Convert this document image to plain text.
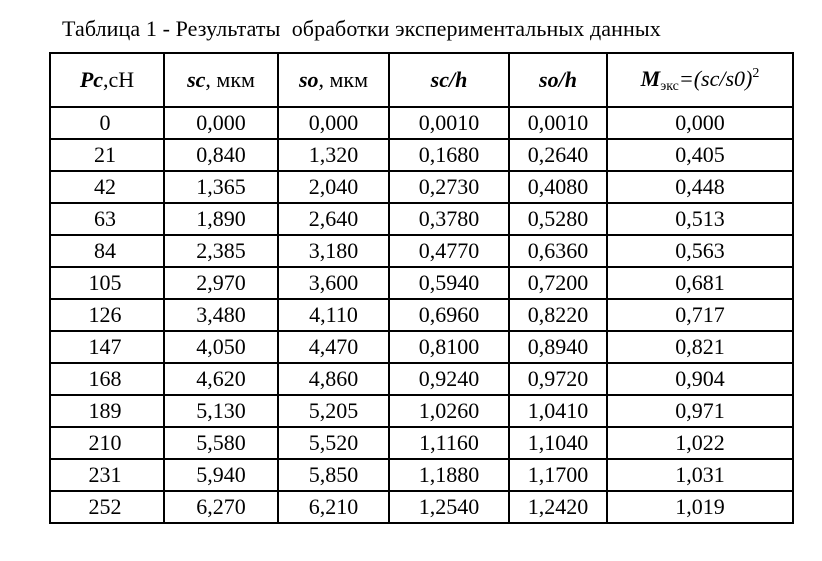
Таблица 1 - Результаты  обработки экспериментальных данных
Pc,сН	sc, мкм	so, мкм	sc/h	so/h	$M_{экс}=(sc/s0)^2$
0	0,000	0,000	0,0010	0,0010	0,000
21	0,840	1,320	0,1680	0,2640	0,405
42	1,365	2,040	0,2730	0,4080	0,448
63	1,890	2,640	0,3780	0,5280	0,513
84	2,385	3,180	0,4770	0,6360	0,563
105	2,970	3,600	0,5940	0,7200	0,681
126	3,480	4,110	0,6960	0,8220	0,717
147	4,050	4,470	0,8100	0,8940	0,821
168	4,620	4,860	0,9240	0,9720	0,904
189	5,130	5,205	1,0260	1,0410	0,971
210	5,580	5,520	1,1160	1,1040	1,022
231	5,940	5,850	1,1880	1,1700	1,031
252	6,270	6,210	1,2540	1,2420	1,019
